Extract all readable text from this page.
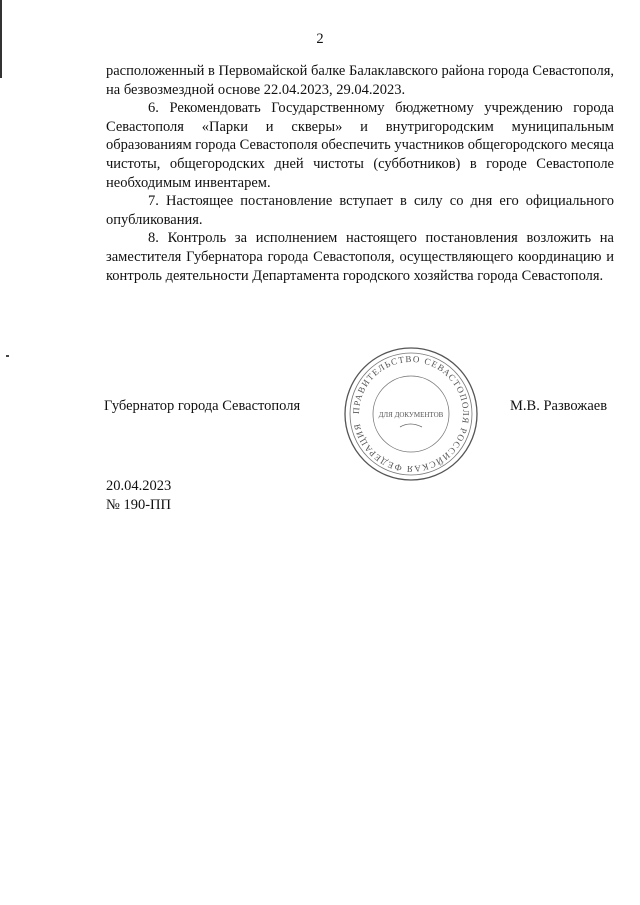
2

расположенный в Первомайской балке Балаклавского района города Севастополя, на безвозмездной основе 22.04.2023, 29.04.2023.

6. Рекомендовать Государственному бюджетному учреждению города Севастополя «Парки и скверы» и внутригородским муниципальным образованиям города Севастополя обеспечить участников общегородского месяца чистоты, общегородских дней чистоты (субботников) в городе Севастополе необходимым инвентарем.

7. Настоящее постановление вступает в силу со дня его официального опубликования.

8. Контроль за исполнением настоящего постановления возложить на заместителя Губернатора города Севастополя, осуществляющего координацию и контроль деятельности Департамента городского хозяйства города Севастополя.

Губернатор города Севастополя	ПРАВИТЕЛЬСТВО СЕВАСТОПОЛЯ РОССИЙСКАЯ ФЕДЕРАЦИЯ
ДЛЯ ДОКУМЕНТОВ
М.В. Развожаев
20.04.2023
№ 190-ПП
